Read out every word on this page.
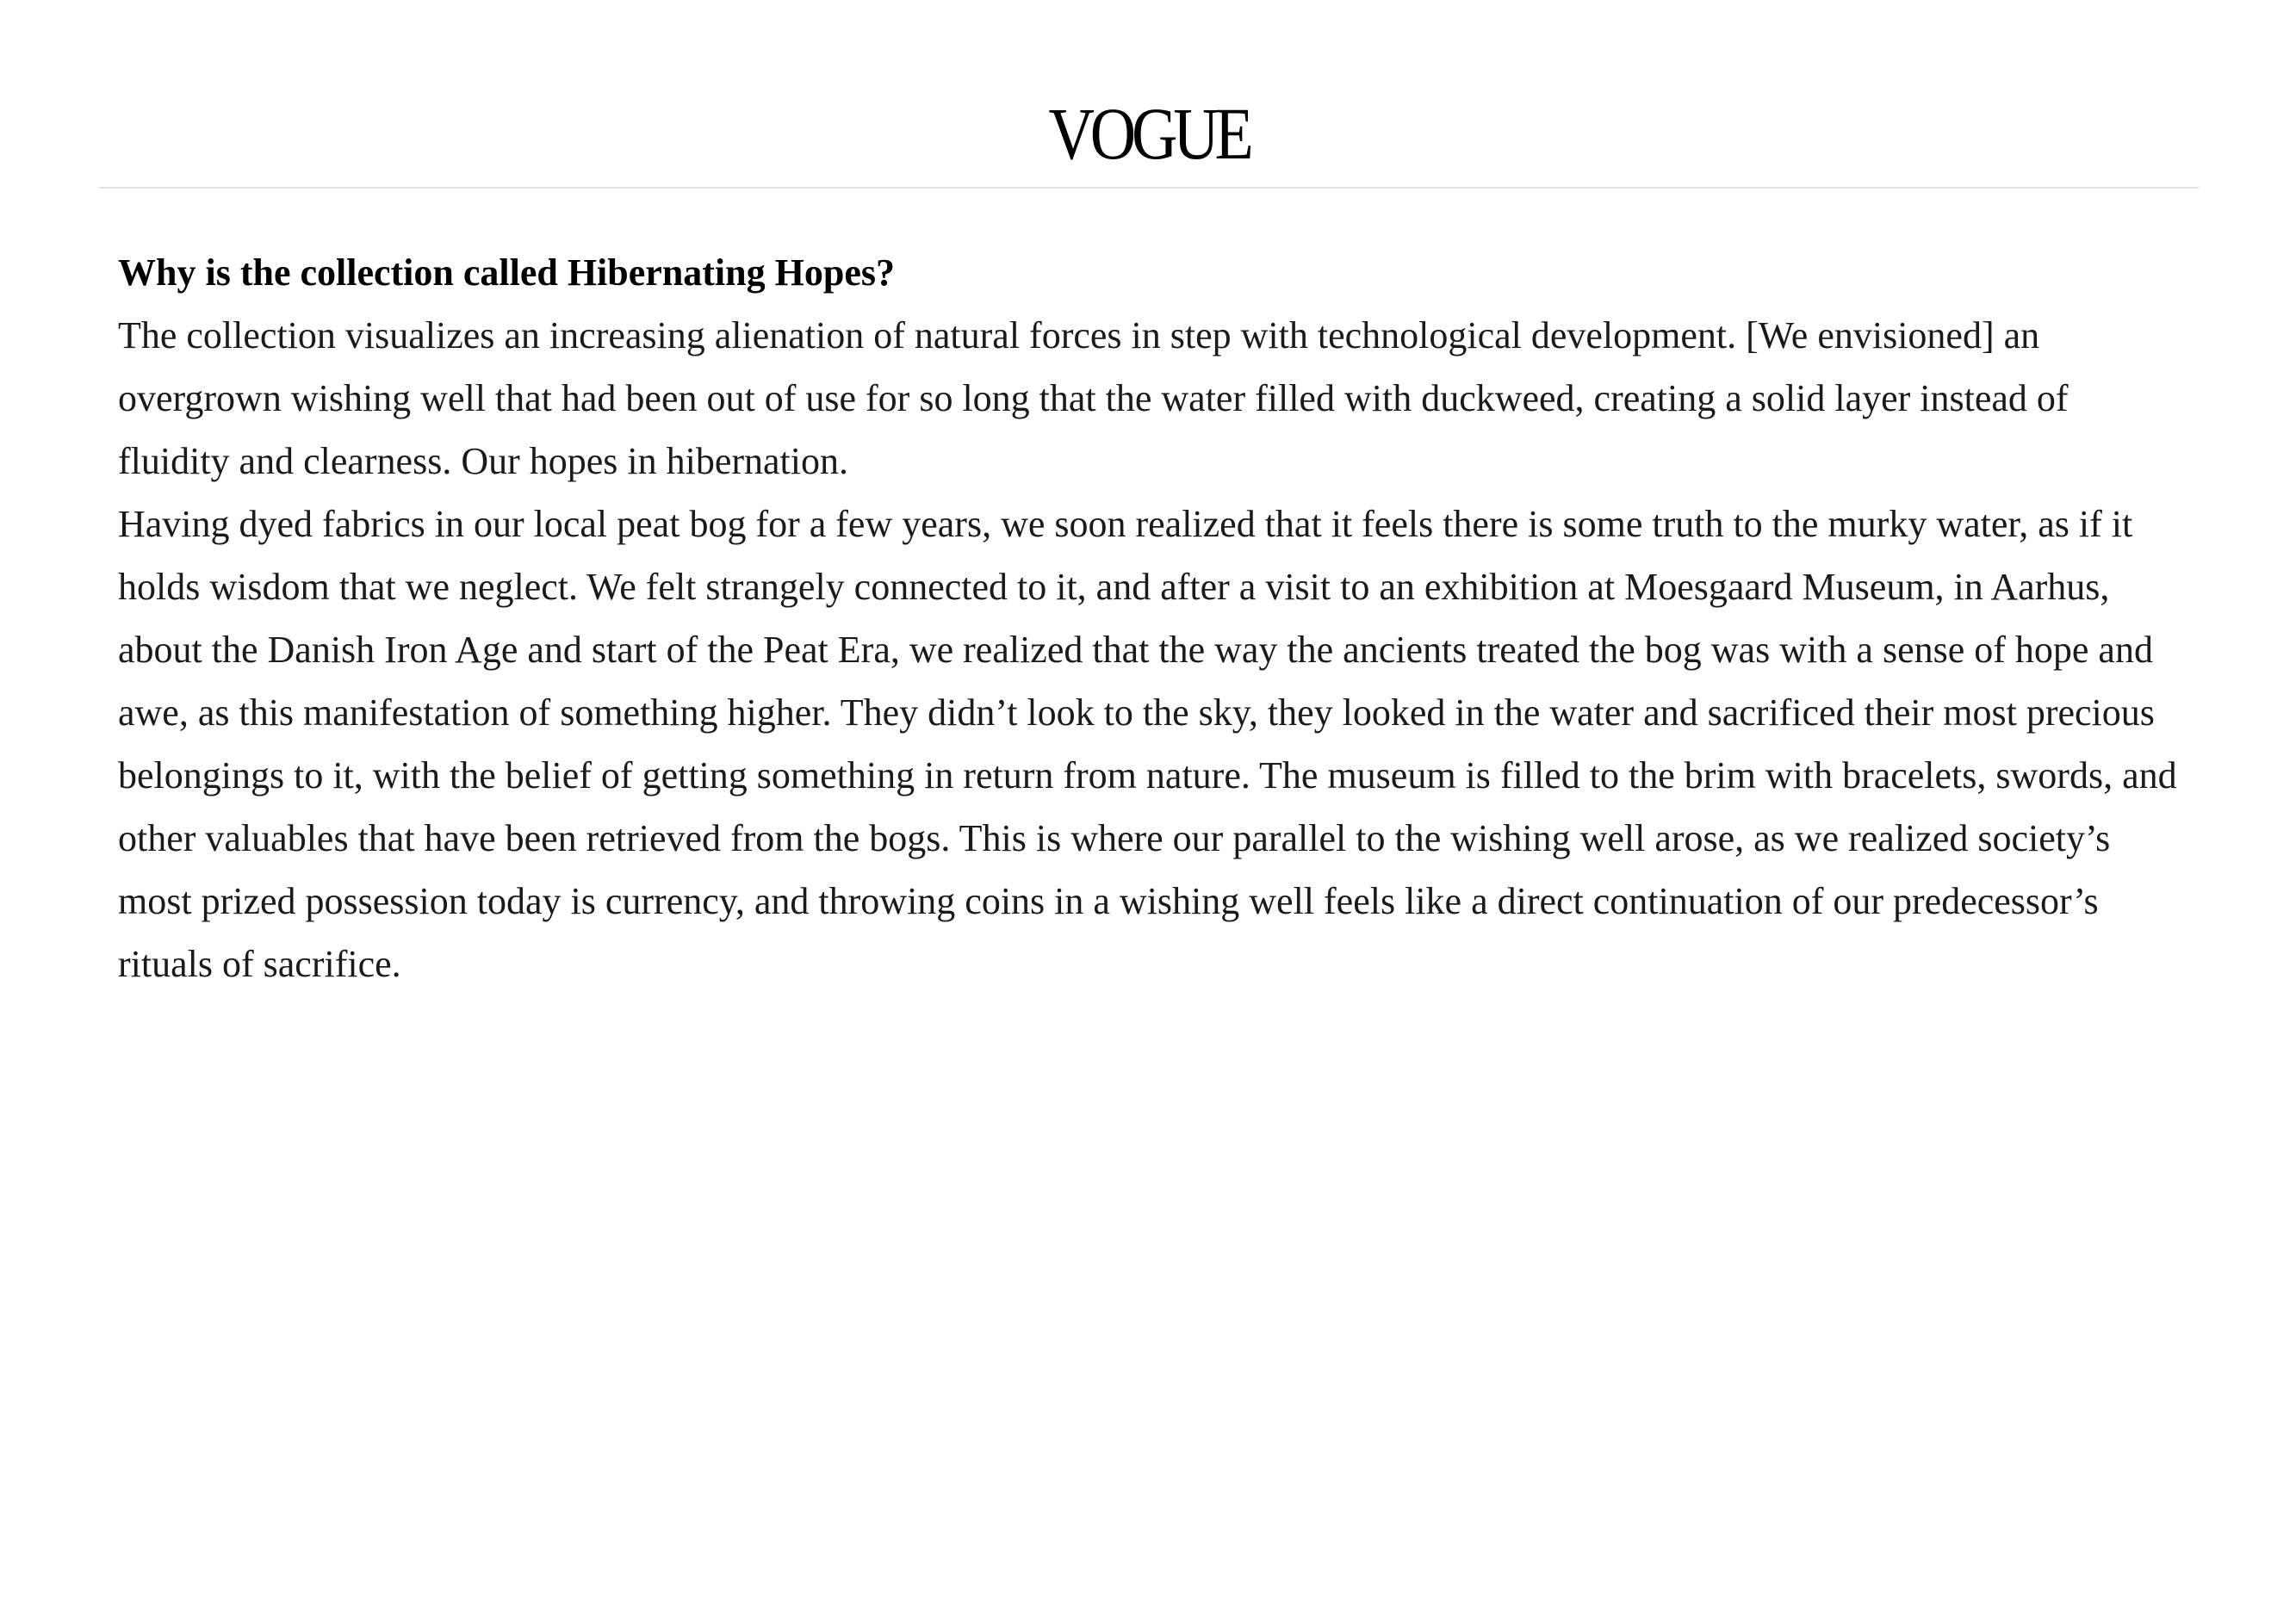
VOGUE

Why is the collection called Hibernating Hopes?

The collection visualizes an increasing alienation of natural forces in step with technological development. [We envisioned] an overgrown wishing well that had been out of use for so long that the water filled with duckweed, creating a solid layer instead of fluidity and clearness. Our hopes in hibernation.

Having dyed fabrics in our local peat bog for a few years, we soon realized that it feels there is some truth to the murky water, as if it holds wisdom that we neglect. We felt strangely connected to it, and after a visit to an exhibition at Moesgaard Museum, in Aarhus, about the Danish Iron Age and start of the Peat Era, we realized that the way the ancients treated the bog was with a sense of hope and awe, as this manifestation of something higher. They didn’t look to the sky, they looked in the water and sacrificed their most precious belongings to it, with the belief of getting something in return from nature. The museum is filled to the brim with bracelets, swords, and other valuables that have been retrieved from the bogs. This is where our parallel to the wishing well arose, as we realized society’s most prized possession today is currency, and throwing coins in a wishing well feels like a direct continuation of our predecessor’s rituals of sacrifice.
